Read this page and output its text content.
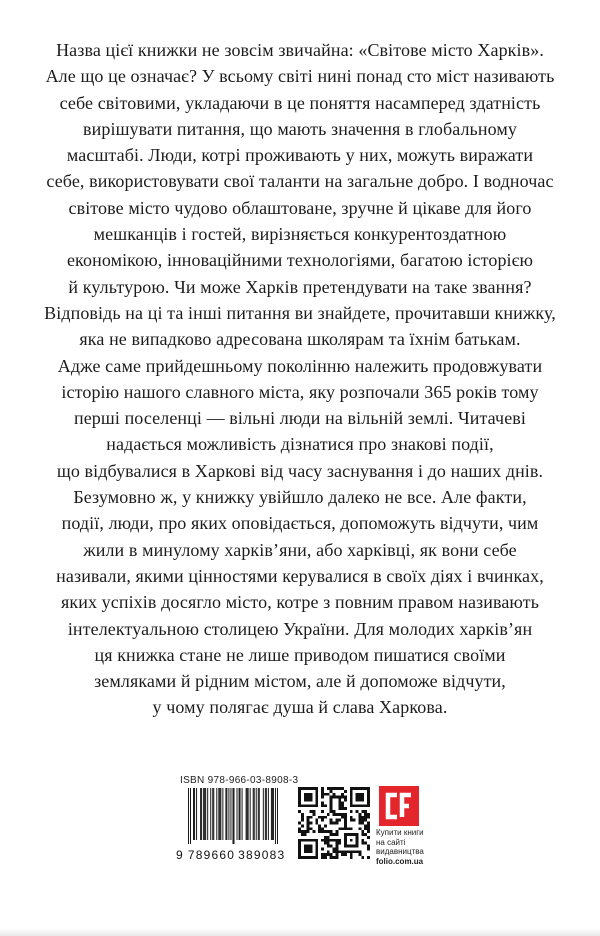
Назва цієї книжки не зовсім звичайна: «Світове місто Харків».
Але що це означає? У всьому світі нині понад сто міст називають
себе світовими, укладаючи в це поняття насамперед здатність
вирішувати питання, що мають значення в глобальному
масштабі. Люди, котрі проживають у них, можуть виражати
себе, використовувати свої таланти на загальне добро. І водночас
світове місто чудово облаштоване, зручне й цікаве для його
мешканців і гостей, вирізняється конкурентоздатною
економікою, інноваційними технологіями, багатою історією
й культурою. Чи може Харків претендувати на таке звання?
Відповідь на ці та інші питання ви знайдете, прочитавши книжку,
яка не випадково адресована школярам та їхнім батькам.
Адже саме прийдешньому поколінню належить продовжувати
історію нашого славного міста, яку розпочали 365 років тому
перші поселенці — вільні люди на вільній землі. Читачеві
надається можливість дізнатися про знакові події,
що відбувалися в Харкові від часу заснування і до наших днів.
Безумовно ж, у книжку увійшло далеко не все. Але факти,
події, люди, про яких оповідається, допоможуть відчути, чим
жили в минулому харків’яни, або харківці, як вони себе
називали, якими цінностями керувалися в своїх діях і вчинках,
яких успіхів досягло місто, котре з повним правом називають
інтелектуальною столицею України. Для молодих харків’ян
ця книжка стане не лише приводом пишатися своїми
земляками й рідним містом, але й допоможе відчути,
у чому полягає душа й слава Харкова.
ISBN 978-966-03-8908-3
9 789660 389083
Купити книги
на сайті
видавництва
folio.com.ua
